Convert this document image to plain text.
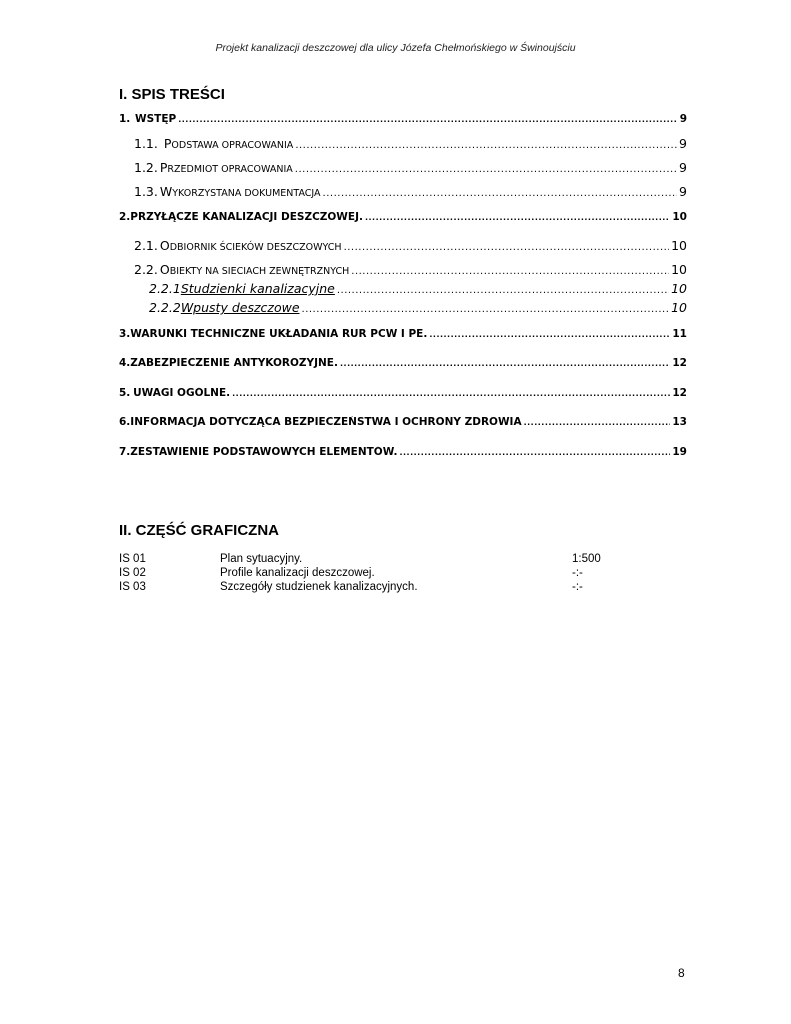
Projekt kanalizacji deszczowej dla ulicy Józefa Chełmońskiego w Świnoujściu
I. SPIS TREŚCI
1. WSTĘP .....	9
1.1. PODSTAWA OPRACOWANIA .....	9
1.2. PRZEDMIOT OPRACOWANIA .....	9
1.3. WYKORZYSTANA DOKUMENTACJA .....	9
2. PRZYŁĄCZE KANALIZACJI DESZCZOWEJ. .....	10
2.1. ODBIORNIK ŚCIEKÓW DESZCZOWYCH .....	10
2.2. OBIEKTY NA SIECIACH ZEWNĘTRZNYCH .....	10
2.2.1 Studzienki kanalizacyjne .....	10
2.2.2 Wpusty deszczowe .....	10
3. WARUNKI TECHNICZNE UKŁADANIA RUR PCW I PE. .....	11
4. ZABEZPIECZENIE ANTYKOROZYJNE. .....	12
5. UWAGI OGÓLNE. .....	12
6. INFORMACJA DOTYCZĄCA BEZPIECZEŃSTWA I OCHRONY ZDROWIA .....	13
7. ZESTAWIENIE PODSTAWOWYCH ELEMENTÓW. .....	19
II. CZĘŚĆ GRAFICZNA
IS 01	Plan sytuacyjny.	1:500
IS 02	Profile kanalizacji deszczowej.	-:-
IS 03	Szczegóły studzienek kanalizacyjnych.	-:-
8
